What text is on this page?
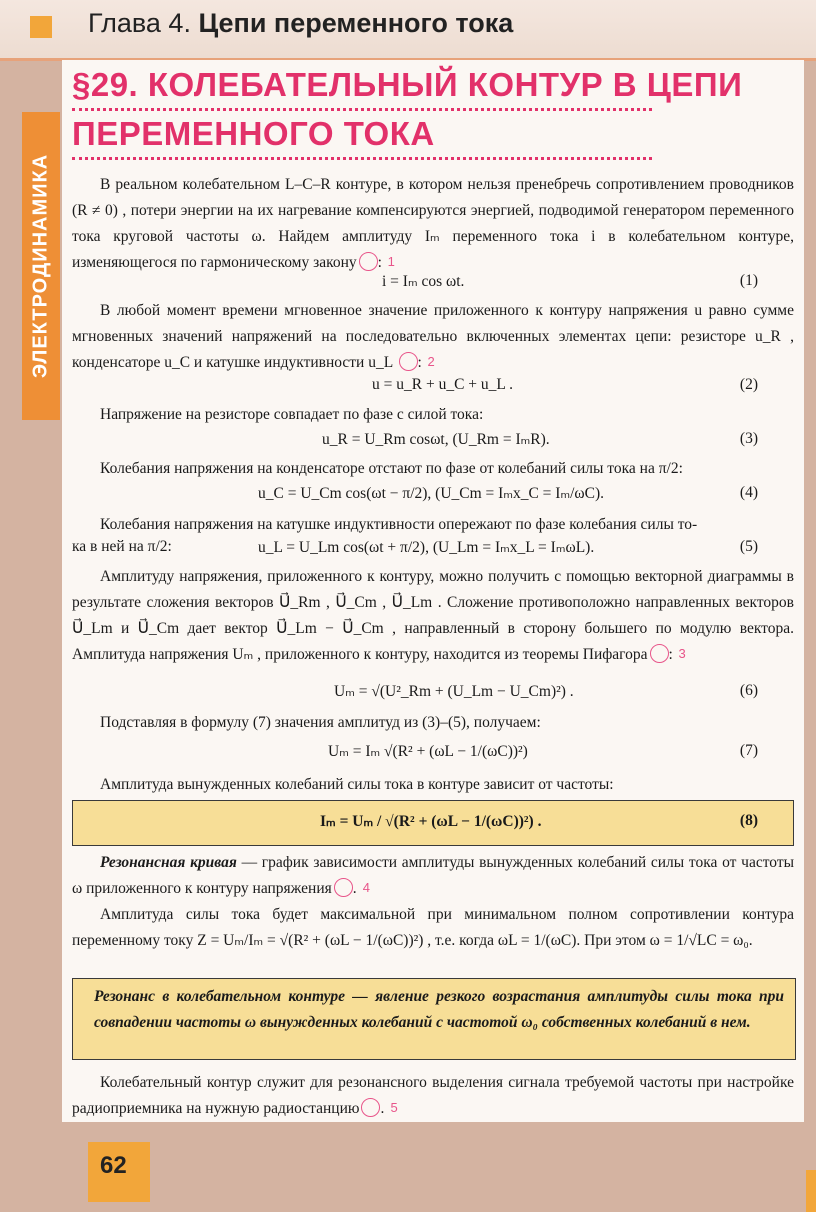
Глава 4. Цепи переменного тока
ЭЛЕКТРОДИНАМИКА
§29. КОЛЕБАТЕЛЬНЫЙ КОНТУР В ЦЕПИ
ПЕРЕМЕННОГО ТОКА
В реальном колебательном L–C–R контуре, в котором нельзя пренебречь сопротивлением проводников (R ≠ 0) , потери энергии на их нагревание компенсируются энергией, подводимой генератором переменного тока круговой частоты ω. Найдем амплитуду Iₘ переменного тока i в колебательном контуре, изменяющегося по гармоническому закону 1:
i = Iₘ cos ωt.	(1)
В любой момент времени мгновенное значение приложенного к контуру напряжения u равно сумме мгновенных значений напряжений на последовательно включенных элементах цепи: резисторе u_R , конденсаторе u_C и катушке индуктивности u_L	2:
u = u_R + u_C + u_L .	(2)
Напряжение на резисторе совпадает по фазе с силой тока:
u_R = U_Rm cosωt, (U_Rm = IₘR).	(3)
Колебания напряжения на конденсаторе отстают по фазе от колебаний силы тока на π/2:
u_C = U_Cm cos(ωt − π/2), (U_Cm = Iₘx_C = Iₘ/ωC).	(4)
Колебания напряжения на катушке индуктивности опережают по фазе колебания силы то-
ка в ней на π/2:	u_L = U_Lm cos(ωt + π/2), (U_Lm = Iₘx_L = IₘωL).	(5)
Амплитуду напряжения, приложенного к контуру, можно получить с помощью векторной диаграммы в результате сложения векторов U⃗_Rm , U⃗_Cm , U⃗_Lm . Сложение противоположно направленных векторов U⃗_Lm и U⃗_Cm дает вектор U⃗_Lm − U⃗_Cm , направленный в сторону большего по модулю вектора. Амплитуда напряжения Uₘ , приложенного к контуру, находится из теоремы Пифагора 3:
Uₘ = √(U²_Rm + (U_Lm − U_Cm)²) .	(6)
Подставляя в формулу (7) значения амплитуд из (3)–(5), получаем:
Uₘ = Iₘ √(R² + (ωL − 1/(ωC))²)	(7)
Амплитуда вынужденных колебаний силы тока в контуре зависит от частоты:
Iₘ = Uₘ / √(R² + (ωL − 1/(ωC))²) .	(8)
Резонансная кривая — график зависимости амплитуды вынужденных колебаний силы тока от частоты ω приложенного к контуру напряжения 4.
Амплитуда силы тока будет максимальной при минимальном полном сопротивлении контура переменному току Z = Uₘ/Iₘ = √(R² + (ωL − 1/(ωC))²) , т.е. когда ωL = 1/(ωC). При этом ω = 1/√LC = ω₀.
Резонанс в колебательном контуре — явление резкого возрастания амплитуды силы тока при совпадении частоты ω вынужденных колебаний с частотой ω₀ собственных колебаний в нем.
Колебательный контур служит для резонансного выделения сигнала требуемой частоты при настройке радиоприемника на нужную радиостанцию 5.
62
